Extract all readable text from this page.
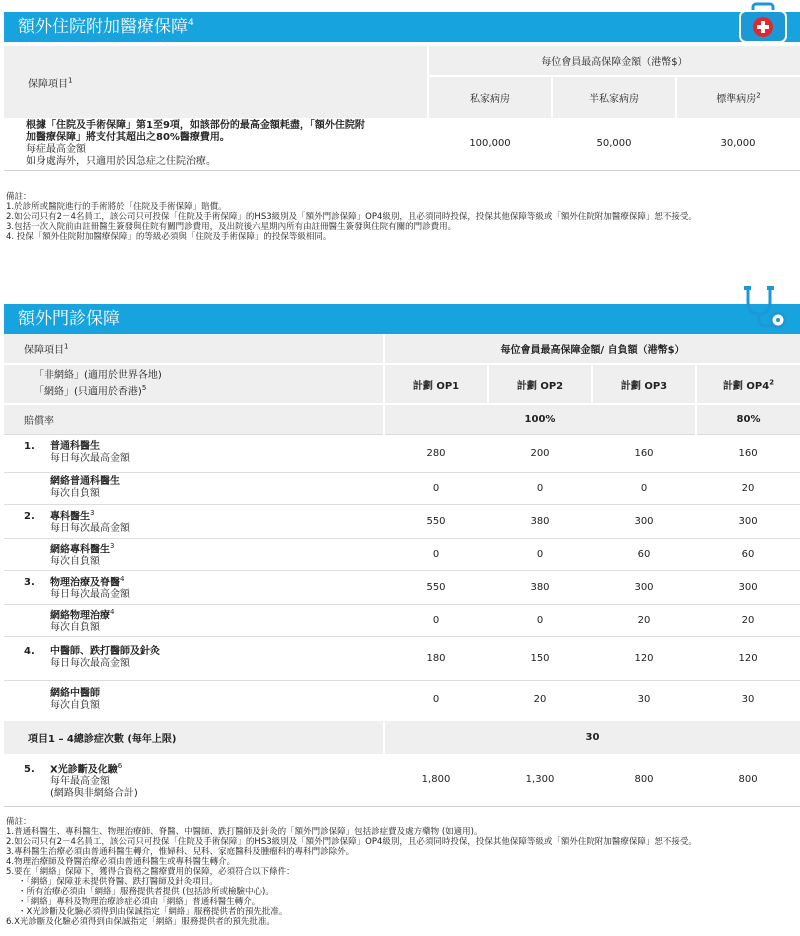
額外住院附加醫療保障$^4$
保障項目$^1$	每位會員最高保障金額（港幣$）		
	私家病房	半私家病房	標準病房$^2$

根據「住院及手術保障」第1至9項，如該部份的最高金額耗盡，「額外住院附
加醫療保障」將支付其超出之80%醫療費用。
每症最高金額
如身處海外，只適用於因急症之住院治療。	100,000	50,000	30,000
備註：
1.於診所或醫院進行的手術將於「住院及手術保障」賠償。
2.如公司只有2－4名員工，該公司只可投保「住院及手術保障」的HS3級別及「額外門診保障」OP4級別，且必須同時投保，投保其他保障等級或「額外住院附加醫療保障」恕不接受。
3.包括一次入院前由註冊醫生簽發與住院有關門診費用，及出院後六星期內所有由註冊醫生簽發與住院有關的門診費用。
4. 投保「額外住院附加醫療保障」的等級必須與「住院及手術保障」的投保等級相同。
額外門診保障
保障項目$^1$	每位會員最高保障金額/ 自負額（港幣$）			

「非網絡」(適用於世界各地)
「網絡」(只適用於香港)$^5$	計劃 OP1	計劃 OP2	計劃 OP3	計劃 $OP4^2$
賠償率	100%			80%

1. 普通科醫生
每日每次最高金額	280	200	160	160

網絡普通科醫生
每次自負額	0	0	0	20

2. 專科醫生$^3$
每日每次最高金額	550	380	300	300

網絡專科醫生$^3$
每次自負額	0	0	60	60

3. 物理治療及脊醫$^4$
每日每次最高金額	550	380	300	300

網絡物理治療$^4$
每次自負額	0	0	20	20

4. 中醫師、跌打醫師及針灸
每日每次最高金額	180	150	120	120

網絡中醫師
每次自負額	0	20	30	30
項目1 – 4總診症次數 (每年上限)	30			

5. X光診斷及化驗$^6$
每年最高金額
(網路與非網絡合計)	1,800	1,300	800	800
備註：
1.普通科醫生、專科醫生、物理治療師、脊醫、中醫師、跌打醫師及針灸的「額外門診保障」包括診症費及處方藥物 (如適用)。
2.如公司只有2－4名員工，該公司只可投保「住院及手術保障」的HS3級別及「額外門診保障」OP4級別，且必須同時投保，投保其他保障等級或「額外住院附加醫療保障」恕不接受。
3.專科醫生治療必須由普通科醫生轉介，惟婦科、兒科、家庭醫科及腫瘤科的專科門診除外。
4.物理治療師及脊醫治療必須由普通科醫生或專科醫生轉介。
5.要在「網絡」保障下，獲得合資格之醫療費用的保障，必須符合以下條件：
・「網絡」保障並未提供脊醫、跌打醫師及針灸項目。
・所有治療必須由「網絡」服務提供者提供 (包括診所或檢驗中心)。
・「網絡」專科及物理治療診症必須由「網絡」普通科醫生轉介。
・X光診斷及化驗必須得到由保誠指定「網絡」服務提供者的預先批准。
6.X光診斷及化驗必須得到由保誠指定「網絡」服務提供者的預先批准。
